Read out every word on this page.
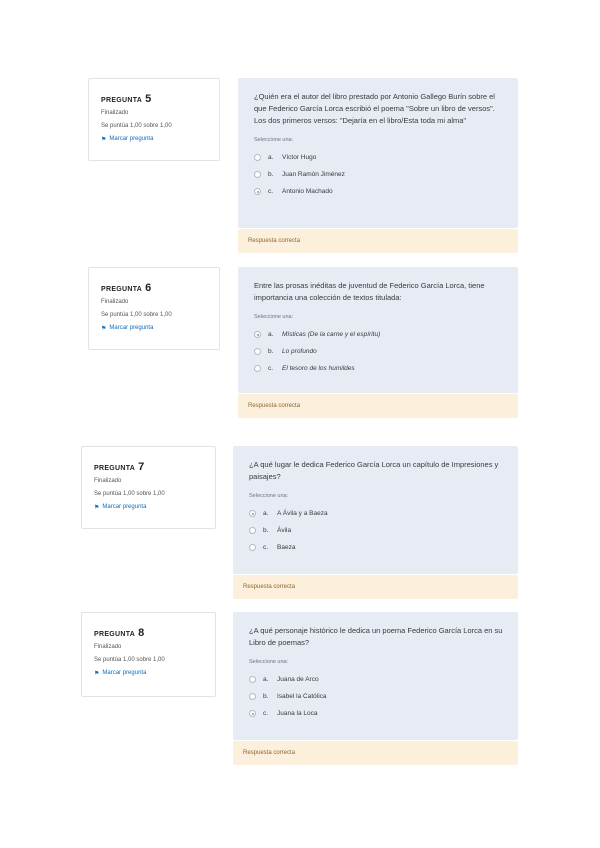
PREGUNTA 5
Finalizado
Se puntúa 1,00 sobre 1,00
⚑ Marcar pregunta
¿Quién era el autor del libro prestado por Antonio Gallego Burín sobre el que Federico García Lorca escribió el poema "Sobre un libro de versos". Los dos primeros versos: "Dejaría en el libro/Esta toda mi alma"
Seleccione una:
a.	Víctor Hugo
b.	Juan Ramón Jiménez
c.	Antonio Machado
Respuesta correcta
PREGUNTA 6
Finalizado
Se puntúa 1,00 sobre 1,00
⚑ Marcar pregunta
Entre las prosas inéditas de juventud de Federico García Lorca, tiene importancia una colección de textos titulada:
Seleccione una:
a.	Místicas (De la carne y el espíritu)
b.	Lo profundo
c.	El tesoro de los humildes
Respuesta correcta
PREGUNTA 7
Finalizado
Se puntúa 1,00 sobre 1,00
⚑ Marcar pregunta
¿A qué lugar le dedica Federico García Lorca un capítulo de Impresiones y paisajes?
Seleccione una:
a.	A Ávila y a Baeza
b.	Ávila
c.	Baeza
Respuesta correcta
PREGUNTA 8
Finalizado
Se puntúa 1,00 sobre 1,00
⚑ Marcar pregunta
¿A qué personaje histórico le dedica un poema Federico García Lorca en su Libro de poemas?
Seleccione una:
a.	Juana de Arco
b.	Isabel la Católica
c.	Juana la Loca
Respuesta correcta
